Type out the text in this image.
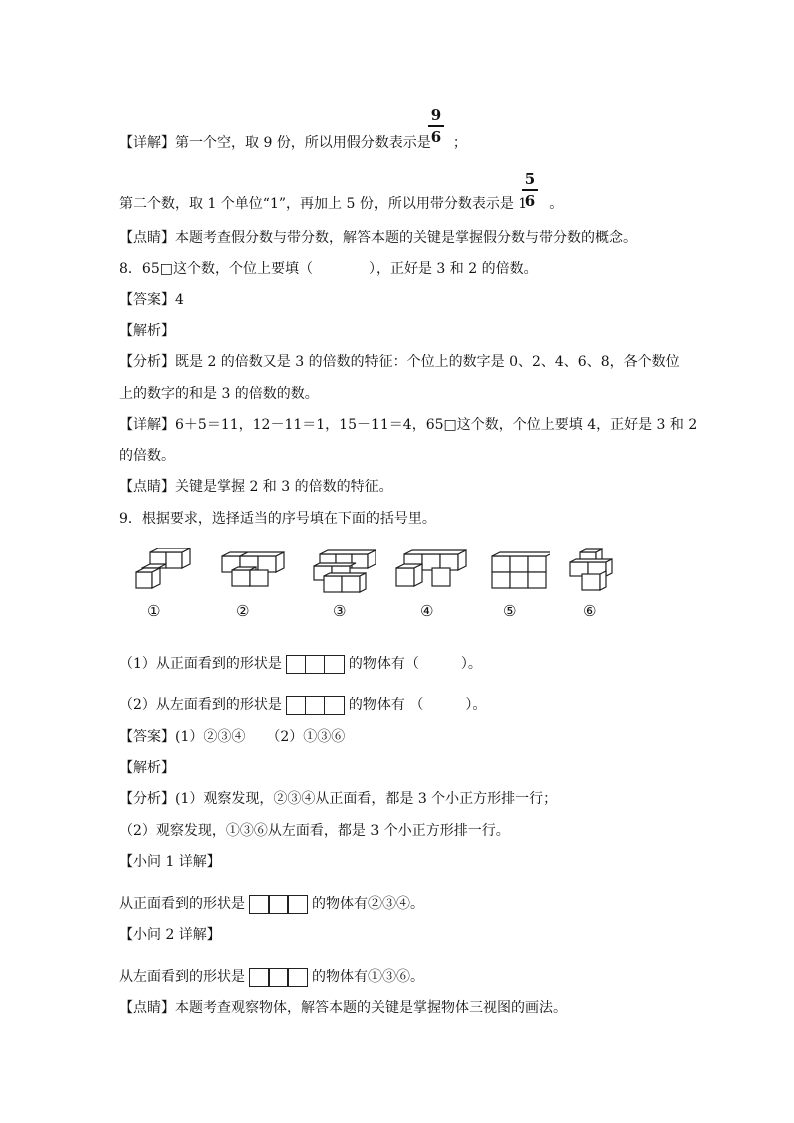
9
6
【详解】第一个空，取 9 份，所以用假分数表示是 ；
5
6
第二个数，取 1 个单位“1”，再加上 5 份，所以用带分数表示是 1 。
【点睛】本题考查假分数与带分数，解答本题的关键是掌握假分数与带分数的概念。
8．65□这个数，个位上要填（　　　　），正好是 3 和 2 的倍数。
【答案】4
【解析】
【分析】既是 2 的倍数又是 3 的倍数的特征：个位上的数字是 0、2、4、6、8，各个数位
上的数字的和是 3 的倍数的数。
【详解】6＋5＝11，12－11＝1，15－11＝4，65□这个数，个位上要填 4，正好是 3 和 2
的倍数。
【点睛】关键是掌握 2 和 3 的倍数的特征。
9．根据要求，选择适当的序号填在下面的括号里。
①	②	③	④	⑤	⑥
（1）从正面看到的形状是	的物体有（　　　）。
（2）从左面看到的形状是	的物体有 （　　　）。
【答案】(1）②③④　　（2）①③⑥
【解析】
【分析】(1）观察发现，②③④从正面看，都是 3 个小正方形排一行；
（2）观察发现，①③⑥从左面看，都是 3 个小正方形排一行。
【小问 1 详解】
从正面看到的形状是	的物体有②③④。
【小问 2 详解】
从左面看到的形状是	的物体有①③⑥。
【点睛】本题考查观察物体，解答本题的关键是掌握物体三视图的画法。
